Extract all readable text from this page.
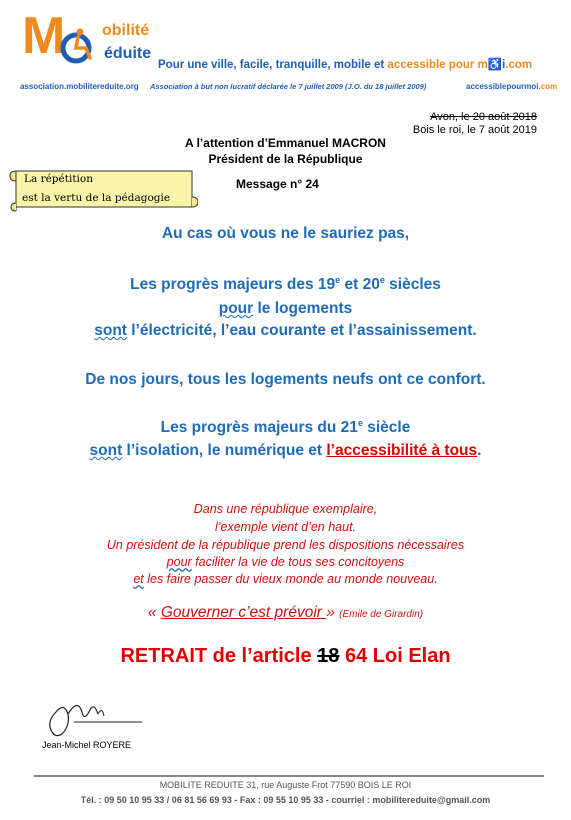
M obilité
éduite
Pour une ville, facile, tranquille, mobile et accessible pour m♿i.com
association.mobilitereduite.org Association à but non lucratif déclarée le 7 juillet 2009 (J.O. du 18 juillet 2009)	accessiblepourmoi.com
Avon, le 20 août 2018
Bois le roi, le 7 août 2019
A l’attention d’Emmanuel MACRON
Président de la République
Message n° 24
La répétition
est la vertu de la pédagogie
Au cas où vous ne le sauriez pas,
Les progrès majeurs des 19e et 20e siècles
pour le logements
sont l’électricité, l’eau courante et l’assainissement.
De nos jours, tous les logements neufs ont ce confort.
Les progrès majeurs du 21e siècle
sont l’isolation, le numérique et l’accessibilité à tous.
Dans une république exemplaire,
l’exemple vient d’en haut.
Un président de la république prend les dispositions nécessaires
pour faciliter la vie de tous ses concitoyens
et les faire passer du vieux monde au monde nouveau.
« Gouverner c’est prévoir » (Emile de Girardin)
RETRAIT de l’article 18 64 Loi Elan
Jean-Michel ROYERE
MOBILITE REDUITE 31, rue Auguste Frot 77590 BOIS LE ROI
Tél. : 09 50 10 95 33 / 06 81 56 69 93 - Fax : 09 55 10 95 33 - courriel : mobilitereduite@gmail.com
